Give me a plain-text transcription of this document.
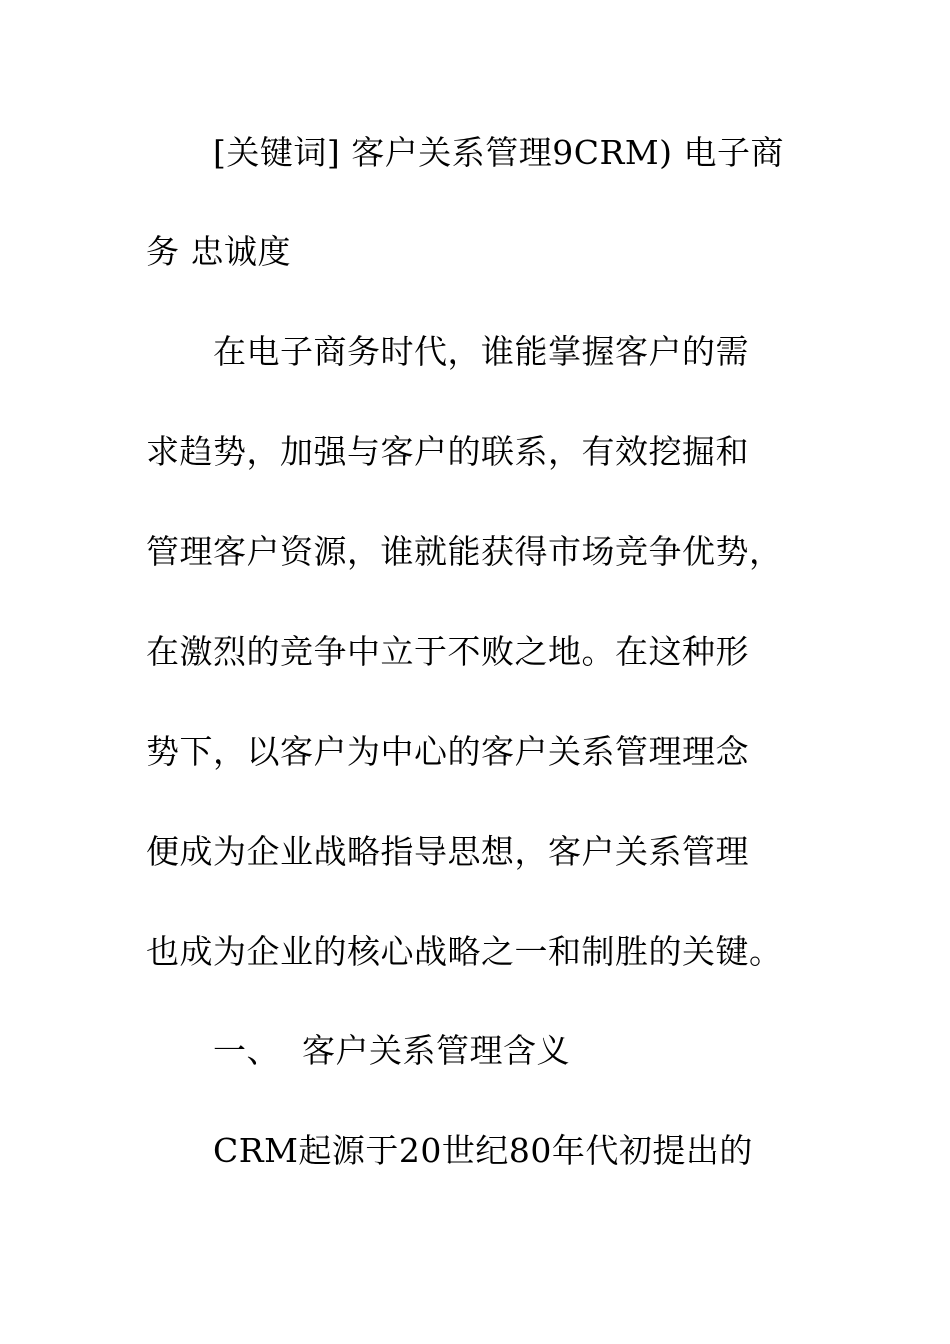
[关键词] 客户关系管理9CRM) 电子商
务 忠诚度
在电子商务时代，谁能掌握客户的需
求趋势，加强与客户的联系，有效挖掘和
管理客户资源，谁就能获得市场竞争优势，
在激烈的竞争中立于不败之地。在这种形
势下，以客户为中心的客户关系管理理念
便成为企业战略指导思想，客户关系管理
也成为企业的核心战略之一和制胜的关键。
一、  客户关系管理含义
CRM起源于20世纪80年代初提出的
